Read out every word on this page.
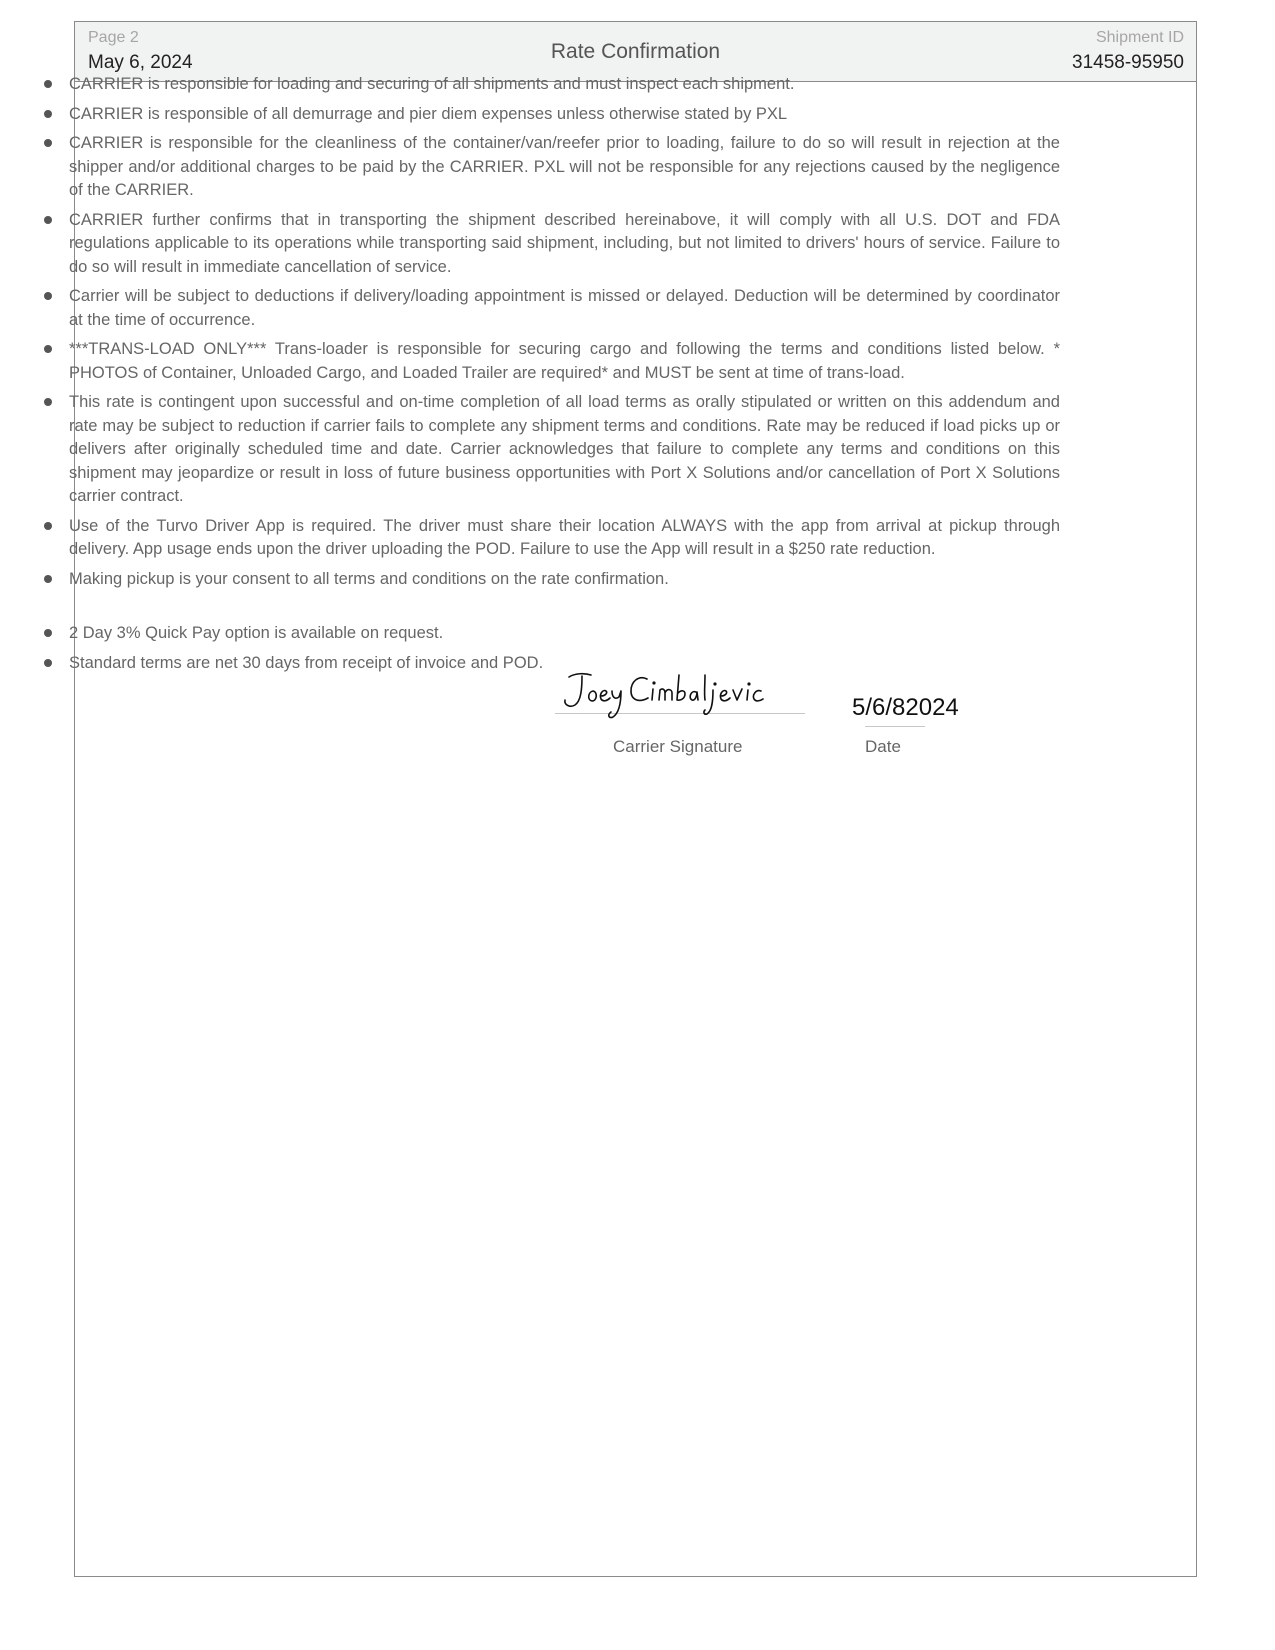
Page 2
May 6, 2024	Rate Confirmation
Shipment ID
31458-95950
CARRIER is responsible for loading and securing of all shipments and must inspect each shipment.
CARRIER is responsible of all demurrage and pier diem expenses unless otherwise stated by PXL
CARRIER is responsible for the cleanliness of the container/van/reefer prior to loading, failure to do so will result in rejection at the shipper and/or additional charges to be paid by the CARRIER. PXL will not be responsible for any rejections caused by the negligence of the CARRIER.
CARRIER further confirms that in transporting the shipment described hereinabove, it will comply with all U.S. DOT and FDA regulations applicable to its operations while transporting said shipment, including, but not limited to drivers' hours of service. Failure to do so will result in immediate cancellation of service.
Carrier will be subject to deductions if delivery/loading appointment is missed or delayed. Deduction will be determined by coordinator at the time of occurrence.
***TRANS-LOAD ONLY*** Trans-loader is responsible for securing cargo and following the terms and conditions listed below. * PHOTOS of Container, Unloaded Cargo, and Loaded Trailer are required* and MUST be sent at time of trans-load.
This rate is contingent upon successful and on-time completion of all load terms as orally stipulated or written on this addendum and rate may be subject to reduction if carrier fails to complete any shipment terms and conditions. Rate may be reduced if load picks up or delivers after originally scheduled time and date. Carrier acknowledges that failure to complete any terms and conditions on this shipment may jeopardize or result in loss of future business opportunities with Port X Solutions and/or cancellation of Port X Solutions carrier contract.
Use of the Turvo Driver App is required. The driver must share their location ALWAYS with the app from arrival at pickup through delivery. App usage ends upon the driver uploading the POD. Failure to use the App will result in a $250 rate reduction.
Making pickup is your consent to all terms and conditions on the rate confirmation.
2 Day 3% Quick Pay option is available on request.
Standard terms are net 30 days from receipt of invoice and POD.
Carrier Signature
5/6/82024
Date
